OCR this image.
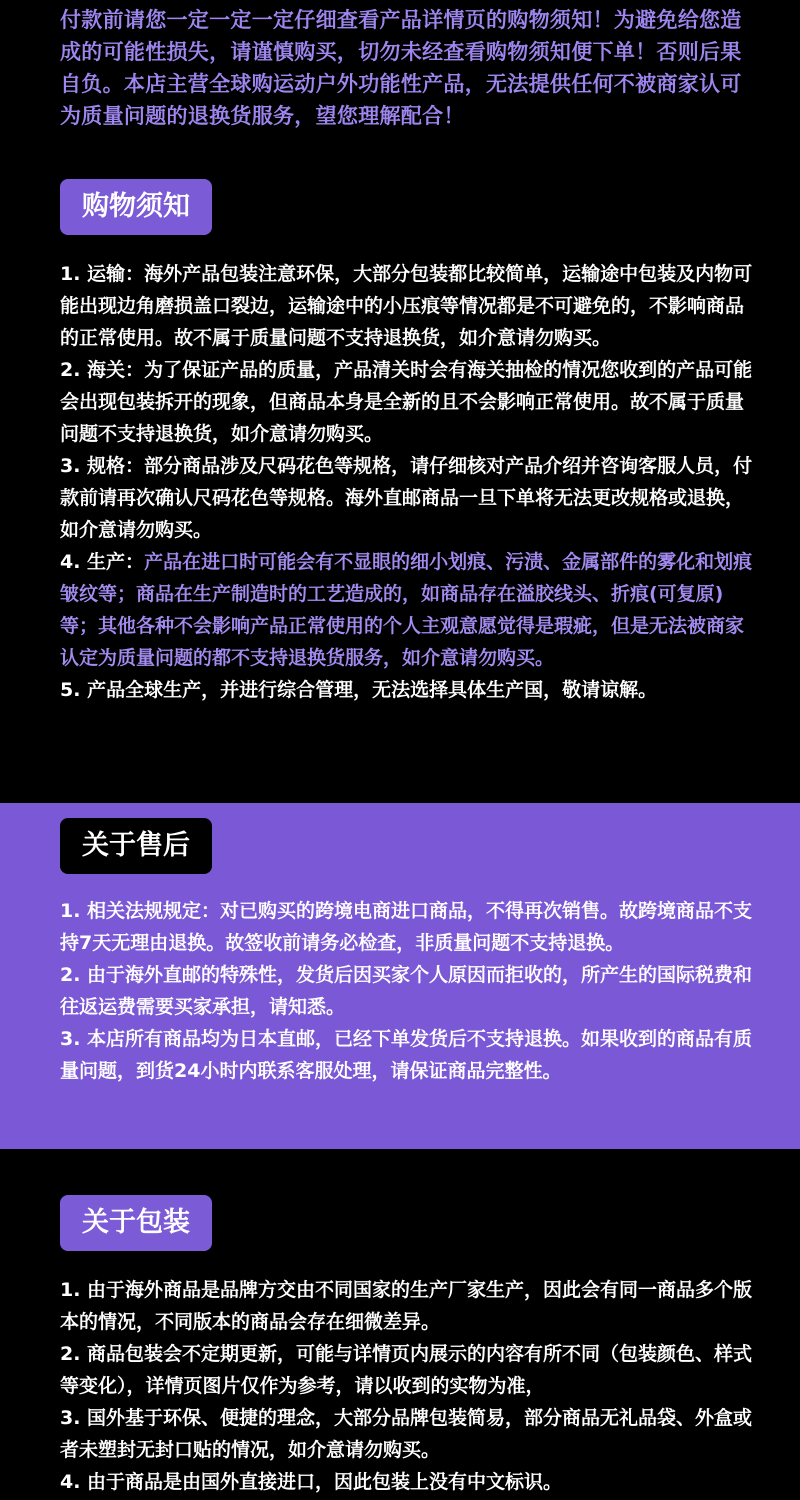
付款前请您一定一定一定仔细查看产品详情页的购物须知！为避免给您造成的可能性损失，请谨慎购买，切勿未经查看购物须知便下单！否则后果自负。本店主营全球购运动户外功能性产品，无法提供任何不被商家认可为质量问题的退换货服务，望您理解配合！
购物须知

1. 运输：海外产品包装注意环保，大部分包装都比较简单，运输途中包装及内物可能出现边角磨损盖口裂边，运输途中的小压痕等情况都是不可避免的，不影响商品的正常使用。故不属于质量问题不支持退换货，如介意请勿购买。

2. 海关：为了保证产品的质量，产品清关时会有海关抽检的情况您收到的产品可能会出现包装拆开的现象，但商品本身是全新的且不会影响正常使用。故不属于质量问题不支持退换货，如介意请勿购买。

3. 规格：部分商品涉及尺码花色等规格，请仔细核对产品介绍并咨询客服人员，付款前请再次确认尺码花色等规格。海外直邮商品一旦下单将无法更改规格或退换，如介意请勿购买。

4. 生产：产品在进口时可能会有不显眼的细小划痕、污渍、金属部件的雾化和划痕皱纹等；商品在生产制造时的工艺造成的，如商品存在溢胶线头、折痕(可复原)等；其他各种不会影响产品正常使用的个人主观意愿觉得是瑕疵，但是无法被商家认定为质量问题的都不支持退换货服务，如介意请勿购买。

5. 产品全球生产，并进行综合管理，无法选择具体生产国，敬请谅解。

关于售后

1. 相关法规规定：对已购买的跨境电商进口商品，不得再次销售。故跨境商品不支持7天无理由退换。故签收前请务必检查，非质量问题不支持退换。

2. 由于海外直邮的特殊性，发货后因买家个人原因而拒收的，所产生的国际税费和往返运费需要买家承担，请知悉。

3. 本店所有商品均为日本直邮，已经下单发货后不支持退换。如果收到的商品有质量问题，到货24小时内联系客服处理，请保证商品完整性。

关于包装

1. 由于海外商品是品牌方交由不同国家的生产厂家生产，因此会有同一商品多个版本的情况，不同版本的商品会存在细微差异。

2. 商品包装会不定期更新，可能与详情页内展示的内容有所不同（包装颜色、样式等变化），详情页图片仅作为参考，请以收到的实物为准，

3. 国外基于环保、便捷的理念，大部分品牌包装简易，部分商品无礼品袋、外盒或者未塑封无封口贴的情况，如介意请勿购买。

4. 由于商品是由国外直接进口，因此包装上没有中文标识。
